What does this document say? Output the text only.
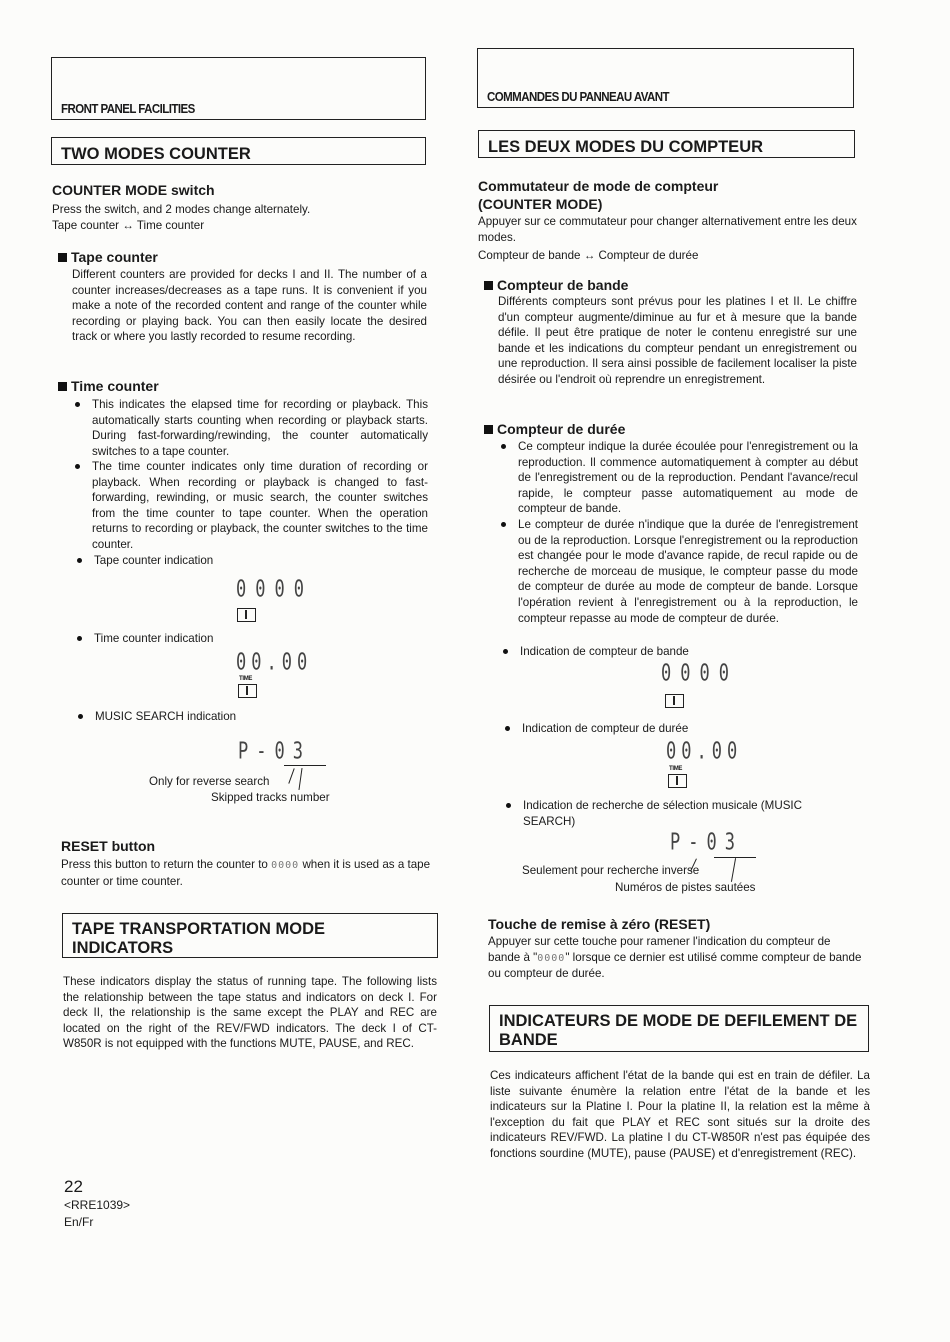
FRONT PANEL FACILITIES
COMMANDES DU PANNEAU AVANT
TWO MODES COUNTER
COUNTER MODE switch
Press the switch, and 2 modes change alternately.
Tape counter ↔ Time counter
Tape counter
Different counters are provided for decks I and II. The number of a counter increases/decreases as a tape runs. It is convenient if you make a note of the recorded content and range of the counter while recording or playing back. You can then easily locate the desired track or where you lastly recorded to resume recording.
Time counter
This indicates the elapsed time for recording or playback. This automatically starts counting when recording or playback starts. During fast-forwarding/rewinding, the counter automatically switches to a tape counter.
The time counter indicates only time duration of recording or playback. When recording or playback is changed to fast-forwarding, rewinding, or music search, the counter switches from the time counter to tape counter. When the operation returns to recording or playback, the counter switches to the time counter.
Tape counter indication
0000
Time counter indication
00.00
TIME
MUSIC SEARCH indication
P-03
Only for reverse search
Skipped tracks number
RESET button
Press this button to return the counter to 0000 when it is used as a tape counter or time counter.
TAPE TRANSPORTATION MODE
INDICATORS
These indicators display the status of running tape. The following lists the relationship between the tape status and indicators on deck I. For deck II, the relationship is the same except the PLAY and REC are located on the right of the REV/FWD indicators. The deck I of CT-W850R is not equipped with the functions MUTE, PAUSE, and REC.
LES DEUX MODES DU COMPTEUR
Commutateur de mode de compteur
(COUNTER MODE)
Appuyer sur ce commutateur pour changer alternativement entre les deux modes.
Compteur de bande ↔ Compteur de durée
Compteur de bande
Différents compteurs sont prévus pour les platines I et II. Le chiffre d'un compteur augmente/diminue au fur et à mesure que la bande défile. Il peut être pratique de noter le contenu enregistré sur une bande et les indications du compteur pendant un enregistrement ou une reproduction. Il sera ainsi possible de facilement localiser la piste désirée ou l'endroit où reprendre un enregistrement.
Compteur de durée
Ce compteur indique la durée écoulée pour l'enregistrement ou la reproduction. Il commence automatiquement à compter au début de l'enregistrement ou de la reproduction. Pendant l'avance/recul rapide, le compteur passe automatiquement au mode de compteur de bande.
Le compteur de durée n'indique que la durée de l'enregistrement ou de la reproduction. Lorsque l'enregistrement ou la reproduction est changée pour le mode d'avance rapide, de recul rapide ou de recherche de morceau de musique, le compteur passe du mode de compteur de durée au mode de compteur de bande. Lorsque l'opération revient à l'enregistrement ou à la reproduction, le compteur repasse au mode de compteur de durée.
Indication de compteur de bande
0000
Indication de compteur de durée
00.00
TIME
Indication de recherche de sélection musicale (MUSIC SEARCH)
P-03
Seulement pour recherche inverse
Numéros de pistes sautées
Touche de remise à zéro (RESET)
Appuyer sur cette touche pour ramener l'indication du compteur de bande à "0000" lorsque ce dernier est utilisé comme compteur de bande ou compteur de durée.
INDICATEURS DE MODE DE DEFILEMENT DE
BANDE
Ces indicateurs affichent l'état de la bande qui est en train de défiler. La liste suivante énumère la relation entre l'état de la bande et les indicateurs sur la Platine I. Pour la platine II, la relation est la même à l'exception du fait que PLAY et REC sont situés sur la droite des indicateurs REV/FWD. La platine I du CT-W850R n'est pas équipée des fonctions sourdine (MUTE), pause (PAUSE) et d'enregistrement (REC).
22
<RRE1039>
En/Fr
